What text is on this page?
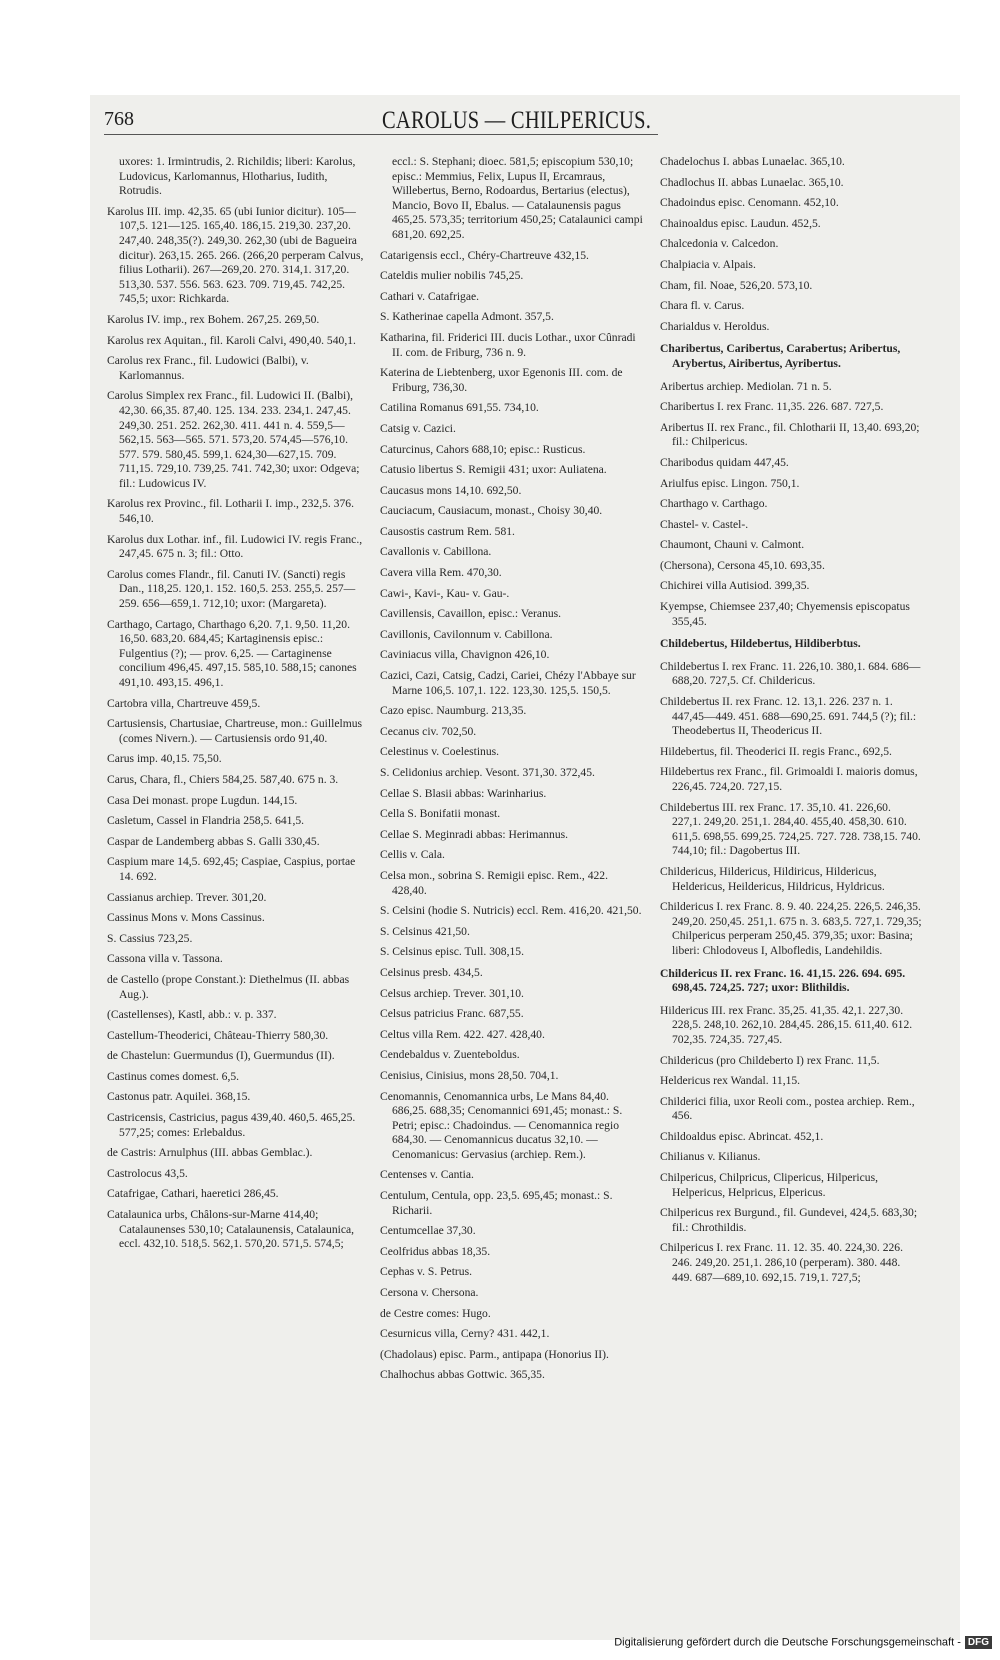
768	CAROLUS — CHILPERICUS.
uxores: 1. Irmintrudis, 2. Richildis; liberi: Karolus, Ludovicus, Karlomannus, Hlotharius, Iudith, Rotrudis.
Karolus III. imp. 42,35. 65 (ubi Iunior dicitur). 105—107,5. 121—125. 165,40. 186,15. 219,30. 237,20. 247,40. 248,35(?). 249,30. 262,30 (ubi de Bagueira dicitur). 263,15. 265. 266. (266,20 perperam Calvus, filius Lotharii). 267—269,20. 270. 314,1. 317,20. 513,30. 537. 556. 563. 623. 709. 719,45. 742,25. 745,5; uxor: Richkarda.
Karolus IV. imp., rex Bohem. 267,25. 269,50.
Karolus rex Aquitan., fil. Karoli Calvi, 490,40. 540,1.
Carolus rex Franc., fil. Ludowici (Balbi), v. Karlomannus.
Carolus Simplex rex Franc., fil. Ludowici II. (Balbi), 42,30. 66,35. 87,40. 125. 134. 233. 234,1. 247,45. 249,30. 251. 252. 262,30. 411. 441 n. 4. 559,5—562,15. 563—565. 571. 573,20. 574,45—576,10. 577. 579. 580,45. 599,1. 624,30—627,15. 709. 711,15. 729,10. 739,25. 741. 742,30; uxor: Odgeva; fil.: Ludowicus IV.
Karolus rex Provinc., fil. Lotharii I. imp., 232,5. 376. 546,10.
Karolus dux Lothar. inf., fil. Ludowici IV. regis Franc., 247,45. 675 n. 3; fil.: Otto.
Carolus comes Flandr., fil. Canuti IV. (Sancti) regis Dan., 118,25. 120,1. 152. 160,5. 253. 255,5. 257—259. 656—659,1. 712,10; uxor: (Margareta).
Carthago, Cartago, Charthago 6,20. 7,1. 9,50. 11,20. 16,50. 683,20. 684,45; Kartaginensis episc.: Fulgentius (?); — prov. 6,25. — Cartaginense concilium 496,45. 497,15. 585,10. 588,15; canones 491,10. 493,15. 496,1.
Cartobra villa, Chartreuve 459,5.
Cartusiensis, Chartusiae, Chartreuse, mon.: Guillelmus (comes Nivern.). — Cartusiensis ordo 91,40.
Carus imp. 40,15. 75,50.
Carus, Chara, fl., Chiers 584,25. 587,40. 675 n. 3.
Casa Dei monast. prope Lugdun. 144,15.
Casletum, Cassel in Flandria 258,5. 641,5.
Caspar de Landemberg abbas S. Galli 330,45.
Caspium mare 14,5. 692,45; Caspiae, Caspius, portae 14. 692.
Cassianus archiep. Trever. 301,20.
Cassinus Mons v. Mons Cassinus.
S. Cassius 723,25.
Cassona villa v. Tassona.
de Castello (prope Constant.): Diethelmus (II. abbas Aug.).
(Castellenses), Kastl, abb.: v. p. 337.
Castellum-Theoderici, Château-Thierry 580,30.
de Chastelun: Guermundus (I), Guermundus (II).
Castinus comes domest. 6,5.
Castonus patr. Aquilei. 368,15.
Castricensis, Castricius, pagus 439,40. 460,5. 465,25. 577,25; comes: Erlebaldus.
de Castris: Arnulphus (III. abbas Gemblac.).
Castrolocus 43,5.
Catafrigae, Cathari, haeretici 286,45.
Catalaunica urbs, Châlons-sur-Marne 414,40; Catalaunenses 530,10; Catalaunensis, Catalaunica, eccl. 432,10. 518,5. 562,1. 570,20. 571,5. 574,5;
eccl.: S. Stephani; dioec. 581,5; episcopium 530,10; episc.: Memmius, Felix, Lupus II, Ercamraus, Willebertus, Berno, Rodoardus, Bertarius (electus), Mancio, Bovo II, Ebalus. — Catalaunensis pagus 465,25. 573,35; territorium 450,25; Catalaunici campi 681,20. 692,25.
Catarigensis eccl., Chéry-Chartreuve 432,15.
Cateldis mulier nobilis 745,25.
Cathari v. Catafrigae.
S. Katherinae capella Admont. 357,5.
Katharina, fil. Friderici III. ducis Lothar., uxor Cûnradi II. com. de Friburg, 736 n. 9.
Katerina de Liebtenberg, uxor Egenonis III. com. de Friburg, 736,30.
Catilina Romanus 691,55. 734,10.
Catsig v. Cazici.
Caturcinus, Cahors 688,10; episc.: Rusticus.
Catusio libertus S. Remigii 431; uxor: Auliatena.
Caucasus mons 14,10. 692,50.
Cauciacum, Causiacum, monast., Choisy 30,40.
Causostis castrum Rem. 581.
Cavallonis v. Cabillona.
Cavera villa Rem. 470,30.
Cawi-, Kavi-, Kau- v. Gau-.
Cavillensis, Cavaillon, episc.: Veranus.
Cavillonis, Cavilonnum v. Cabillona.
Caviniacus villa, Chavignon 426,10.
Cazici, Cazi, Catsig, Cadzi, Cariei, Chézy l'Abbaye sur Marne 106,5. 107,1. 122. 123,30. 125,5. 150,5.
Cazo episc. Naumburg. 213,35.
Cecanus civ. 702,50.
Celestinus v. Coelestinus.
S. Celidonius archiep. Vesont. 371,30. 372,45.
Cellae S. Blasii abbas: Warinharius.
Cella S. Bonifatii monast.
Cellae S. Meginradi abbas: Herimannus.
Cellis v. Cala.
Celsa mon., sobrina S. Remigii episc. Rem., 422. 428,40.
S. Celsini (hodie S. Nutricis) eccl. Rem. 416,20. 421,50.
S. Celsinus 421,50.
S. Celsinus episc. Tull. 308,15.
Celsinus presb. 434,5.
Celsus archiep. Trever. 301,10.
Celsus patricius Franc. 687,55.
Celtus villa Rem. 422. 427. 428,40.
Cendebaldus v. Zuenteboldus.
Cenisius, Cinisius, mons 28,50. 704,1.
Cenomannis, Cenomannica urbs, Le Mans 84,40. 686,25. 688,35; Cenomannici 691,45; monast.: S. Petri; episc.: Chadoindus. — Cenomannica regio 684,30. — Cenomannicus ducatus 32,10. — Cenomanicus: Gervasius (archiep. Rem.).
Centenses v. Cantia.
Centulum, Centula, opp. 23,5. 695,45; monast.: S. Richarii.
Centumcellae 37,30.
Ceolfridus abbas 18,35.
Cephas v. S. Petrus.
Cersona v. Chersona.
de Cestre comes: Hugo.
Cesurnicus villa, Cerny? 431. 442,1.
(Chadolaus) episc. Parm., antipapa (Honorius II).
Chalhochus abbas Gottwic. 365,35.
Chadelochus I. abbas Lunaelac. 365,10.
Chadlochus II. abbas Lunaelac. 365,10.
Chadoindus episc. Cenomann. 452,10.
Chainoaldus episc. Laudun. 452,5.
Chalcedonia v. Calcedon.
Chalpiacia v. Alpais.
Cham, fil. Noae, 526,20. 573,10.
Chara fl. v. Carus.
Charialdus v. Heroldus.
Charibertus, Caribertus, Carabertus; Aribertus, Arybertus, Airibertus, Ayribertus.
Aribertus archiep. Mediolan. 71 n. 5.
Charibertus I. rex Franc. 11,35. 226. 687. 727,5.
Aribertus II. rex Franc., fil. Chlotharii II, 13,40. 693,20; fil.: Chilpericus.
Charibodus quidam 447,45.
Ariulfus episc. Lingon. 750,1.
Charthago v. Carthago.
Chastel- v. Castel-.
Chaumont, Chauni v. Calmont.
(Chersona), Cersona 45,10. 693,35.
Chichirei villa Autisiod. 399,35.
Kyempse, Chiemsee 237,40; Chyemensis episcopatus 355,45.
Childebertus, Hildebertus, Hildiberbtus.
Childebertus I. rex Franc. 11. 226,10. 380,1. 684. 686—688,20. 727,5. Cf. Childericus.
Childebertus II. rex Franc. 12. 13,1. 226. 237 n. 1. 447,45—449. 451. 688—690,25. 691. 744,5 (?); fil.: Theodebertus II, Theodericus II.
Hildebertus, fil. Theoderici II. regis Franc., 692,5.
Hildebertus rex Franc., fil. Grimoaldi I. maioris domus, 226,45. 724,20. 727,15.
Childebertus III. rex Franc. 17. 35,10. 41. 226,60. 227,1. 249,20. 251,1. 284,40. 455,40. 458,30. 610. 611,5. 698,55. 699,25. 724,25. 727. 728. 738,15. 740. 744,10; fil.: Dagobertus III.
Childericus, Hildericus, Hildiricus, Hildericus, Heldericus, Heildericus, Hildricus, Hyldricus.
Childericus I. rex Franc. 8. 9. 40. 224,25. 226,5. 246,35. 249,20. 250,45. 251,1. 675 n. 3. 683,5. 727,1. 729,35; Chilpericus perperam 250,45. 379,35; uxor: Basina; liberi: Chlodoveus I, Albofledis, Landehildis.
Childericus II. rex Franc. 16. 41,15. 226. 694. 695. 698,45. 724,25. 727; uxor: Blithildis.
Hildericus III. rex Franc. 35,25. 41,35. 42,1. 227,30. 228,5. 248,10. 262,10. 284,45. 286,15. 611,40. 612. 702,35. 724,35. 727,45.
Childericus (pro Childeberto I) rex Franc. 11,5.
Heldericus rex Wandal. 11,15.
Childerici filia, uxor Reoli com., postea archiep. Rem., 456.
Childoaldus episc. Abrincat. 452,1.
Chilianus v. Kilianus.
Chilpericus, Chilpricus, Clipericus, Hilpericus, Helpericus, Helpricus, Elpericus.
Chilpericus rex Burgund., fil. Gundevei, 424,5. 683,30; fil.: Chrothildis.
Chilpericus I. rex Franc. 11. 12. 35. 40. 224,30. 226. 246. 249,20. 251,1. 286,10 (perperam). 380. 448. 449. 687—689,10. 692,15. 719,1. 727,5;
Digitalisierung gefördert durch die Deutsche Forschungsgemeinschaft - DFG
